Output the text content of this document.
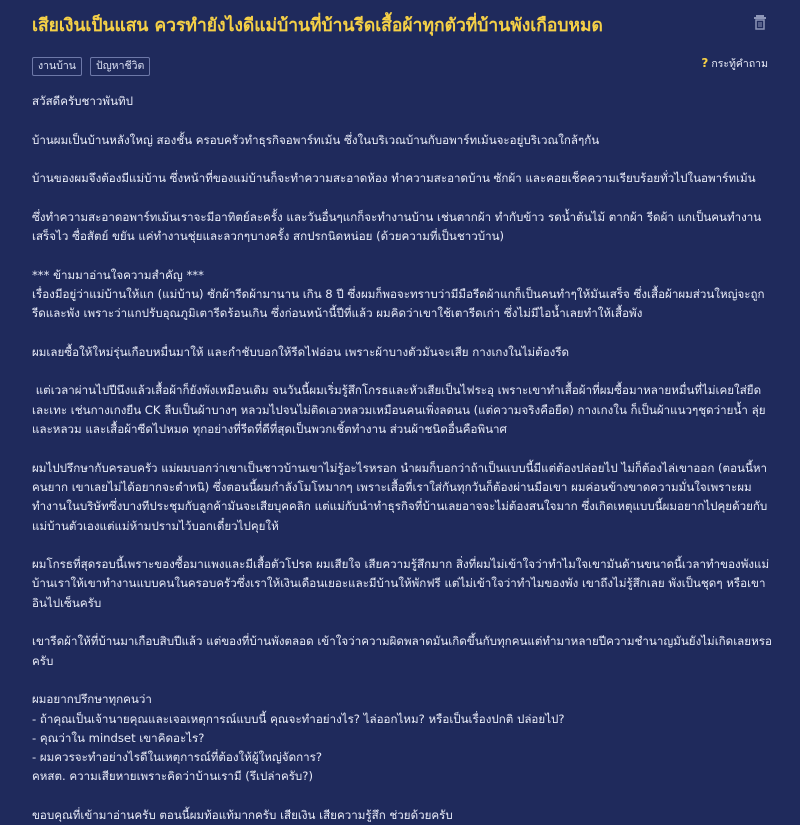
เสียเงินเป็นแสน ควรทำยังไงดีแม่บ้านที่บ้านรีดเสื้อผ้าทุกตัวที่บ้านพังเกือบหมด
งานบ้าน ปัญหาชีวิต	? กระทู้คำถาม

สวัสดีครับชาวพันทิป

บ้านผมเป็นบ้านหลังใหญ่ สองชั้น ครอบครัวทำธุรกิจอพาร์ทเม้น ซึ่งในบริเวณบ้านกับอพาร์ทเม้นจะอยู่บริเวณใกล้ๆกัน

บ้านของผมจึงต้องมีแม่บ้าน ซึ่งหน้าที่ของแม่บ้านก็จะทำความสะอาดห้อง ทำความสะอาดบ้าน ซักผ้า และคอยเช็คความเรียบร้อยทั่วไปในอพาร์ทเม้น

ซึ่งทำความสะอาดอพาร์ทเม้นเราจะมีอาทิตย์ละครั้ง และวันอื่นๆแกก็จะทำงานบ้าน เช่นตากผ้า ทำกับข้าว รดน้ำต้นไม้ ตากผ้า รีดผ้า แกเป็นคนทำงานเสร็จไว ซื่อสัตย์ ขยัน แค่ทำงานชุ่ยและลวกๆบางครั้ง สกปรกนิดหน่อย (ด้วยความที่เป็นชาวบ้าน)

*** ข้ามมาอ่านใจความสำคัญ ***
เรื่องมีอยู่ว่าแม่บ้านให้แก (แม่บ้าน) ซักผ้ารีดผ้ามานาน เกิน 8 ปี ซึ่งผมก็พอจะทราบว่ามีมือรีดผ้าแกก็เป็นคนทำๆให้มันเสร็จ ซึ่งเสื้อผ้าผมส่วนใหญ่จะถูกรีดและพัง เพราะว่าแกปรับอุณภูมิเตารีดร้อนเกิน ซึ่งก่อนหน้านี้ปีที่แล้ว ผมคิดว่าเขาใช้เตารีดเก่า ซึ่งไม่มีไอน้ำเลยทำให้เสื้อพัง

ผมเลยซื้อให้ใหม่รุ่นเกือบหมื่นมาให้ และกำชับบอกให้รีดไฟอ่อน เพราะผ้าบางตัวมันจะเสีย กางเกงในไม่ต้องรีด

แต่เวลาผ่านไปปีนึงแล้วเสื้อผ้าก็ยังพังเหมือนเดิม จนวันนี้ผมเริ่มรู้สึกโกรธและหัวเสียเป็นไฟระอุ เพราะเขาทำเสื้อผ้าที่ผมซื้อมาหลายหมื่นที่ไม่เคยใส่ยืดเละเทะ เช่นกางเกงยีน CK ลีบเป็นผ้าบางๆ หลวมไปจนไม่ติดเอวหลวมเหมือนคนเพิ่งลดนน (แต่ความจริงคือยืด) กางเกงใน ก็เป็นผ้าแนวๆชุดว่ายน้ำ ลุ่ยและหลวม และเสื้อผ้าซีดไปหมด ทุกอย่างที่รีดที่ดีที่สุดเป็นพวกเชิ้ตทำงาน ส่วนผ้าชนิดอื่นคือพินาศ

ผมไปปรึกษากับครอบครัว แม่ผมบอกว่าเขาเป็นชาวบ้านเขาไม่รู้อะไรหรอก นำผมก็บอกว่าถ้าเป็นแบบนี้มีแต่ต้องปล่อยไป ไม่ก็ต้องไล่เขาออก (ตอนนี้หาคนยาก เขาเลยไม่ได้อยากจะตำหนิ) ซึ่งตอนนี้ผมกำลังโมโหมากๆ เพราะเสื้อที่เราใส่กันทุกวันก็ต้องผ่านมือเขา ผมค่อนข้างขาดความมั่นใจเพราะผมทำงานในบริษัทซึ่งบางทีประชุมกับลูกค้ามันจะเสียบุคคลิก แต่แม่กับนำทำธุรกิจที่บ้านเลยอาจจะไม่ต้องสนใจมาก ซึ่งเกิดเหตุแบบนี้ผมอยากไปคุยด้วยกับแม่บ้านตัวเองแต่แม่ห้ามปรามไว้บอกเดี๋ยวไปคุยให้

ผมโกรธที่สุดรอบนี้เพราะของซื้อมาแพงและมีเสื้อตัวโปรด ผมเสียใจ เสียความรู้สึกมาก สิ่งที่ผมไม่เข้าใจว่าทำไมใจเขามันด้านขนาดนี้เวลาทำของพังแม่บ้านเราให้เขาทำงานแบบคนในครอบครัวซึ่งเราให้เงินเดือนเยอะและมีบ้านให้พักฟรี แต่ไม่เข้าใจว่าทำไมของพัง เขาถึงไม่รู้สึกเลย พังเป็นชุดๆ หรือเขาอินไปเซ็นครับ

เขารีดผ้าให้ที่บ้านมาเกือบสิบปีแล้ว แต่ของที่บ้านพังตลอด เข้าใจว่าความผิดพลาดมันเกิดขึ้นกับทุกคนแต่ทำมาหลายปีความชำนาญมันยังไม่เกิดเลยหรอครับ

ผมอยากปรึกษาทุกคนว่า
- ถ้าคุณเป็นเจ้านายคุณและเจอเหตุการณ์แบบนี้ คุณจะทำอย่างไร? ไล่ออกไหม? หรือเป็นเรื่องปกติ ปล่อยไป?
- คุณว่าใน mindset เขาคิดอะไร?
- ผมควรจะทำอย่างไรดีในเหตุการณ์ที่ต้องให้ผู้ใหญ่จัดการ?
คหสต. ความเสียหายเพราะคิดว่าบ้านเรามี (รึเปล่าครับ?)

ขอบคุณที่เข้ามาอ่านครับ ตอนนี้ผมท้อแท้มากครับ เสียเงิน เสียความรู้สึก ช่วยด้วยครับ
